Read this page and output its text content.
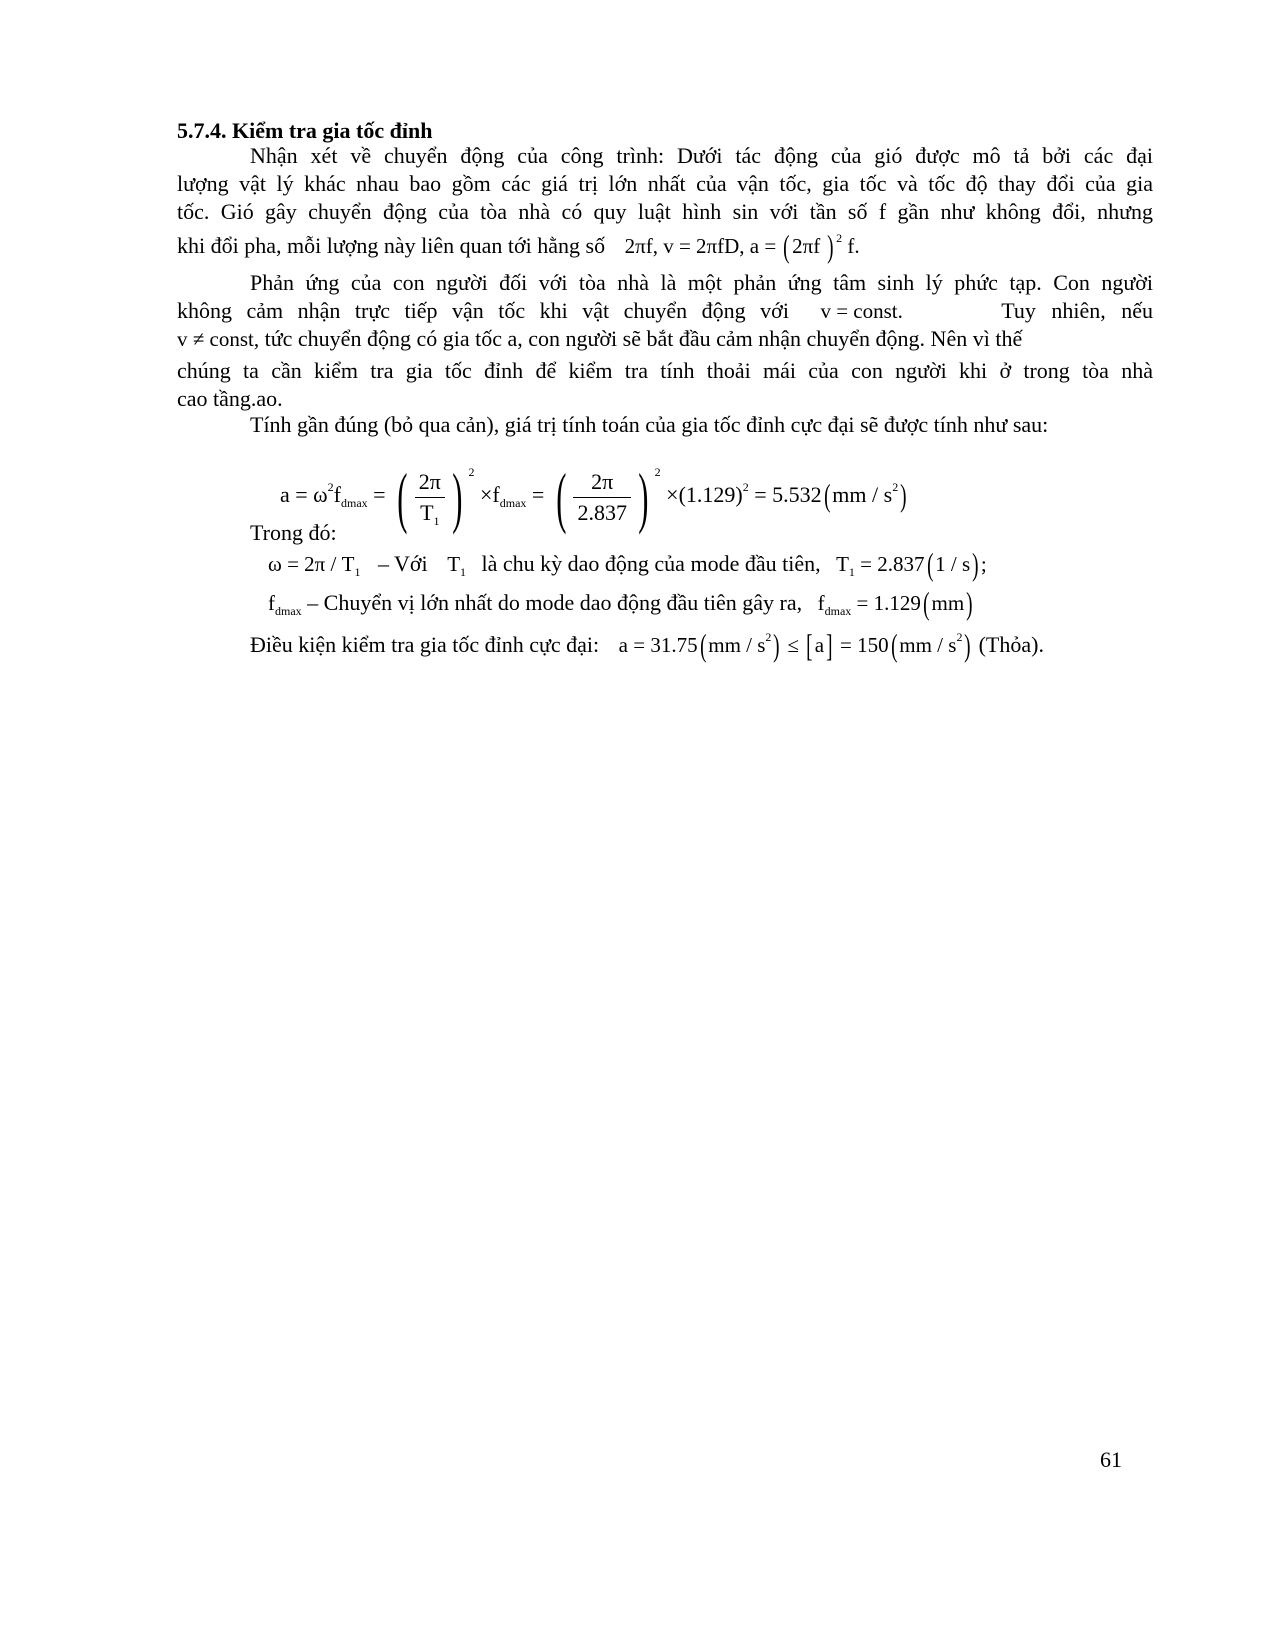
5.7.4. Kiểm tra gia tốc đỉnh
Nhận xét về chuyển động của công trình: Dưới tác động của gió được mô tả bởi các đại
lượng vật lý khác nhau bao gồm các giá trị lớn nhất của vận tốc, gia tốc và tốc độ thay đổi của gia
tốc. Gió gây chuyển động của tòa nhà có quy luật hình sin với tần số f gần như không đổi, nhưng
khi đổi pha, mỗi lượng này liên quan tới hằng số 2πf, v = 2πfD, a = ( 2πf ) $^2$ f.
Phản ứng của con người đối với tòa nhà là một phản ứng tâm sinh lý phức tạp. Con người
không cảm nhận trực tiếp vận tốc khi vật chuyển động với v = const.	Tuy nhiên, nếu
v ≠ const, tức chuyển động có gia tốc a, con người sẽ bắt đầu cảm nhận chuyển động. Nên vì thế
chúng ta cần kiểm tra gia tốc đỉnh để kiểm tra tính thoải mái của con người khi ở trong tòa nhà
cao tầng.ao.
Tính gần đúng (bỏ qua cản), giá trị tính toán của gia tốc đỉnh cực đại sẽ được tính như sau:
$a = \omega^2f_{dmax}$ = ( $\frac{2\pi}{T_1}$ ) $^2 \times f_{dmax}$ = ( $\frac{2\pi}{2.837}$ ) $^2 \times(1.129)^2 = 5.532(mm / s^2)$
Trong đó:
$\omega = 2\pi / T_1$ – Với $T_1$ là chu kỳ dao động của mode đầu tiên, $T_1 = 2.837$( 1 / s) ;
$f_{dmax}$ – Chuyển vị lớn nhất do mode dao động đầu tiên gây ra, $f_{dmax} = 1.129$( mm)
Điều kiện kiểm tra gia tốc đỉnh cực đại: a = 31.75( mm / $s^2$) ≤ [ a] = 150( mm / $s^2$) (Thỏa).
61
